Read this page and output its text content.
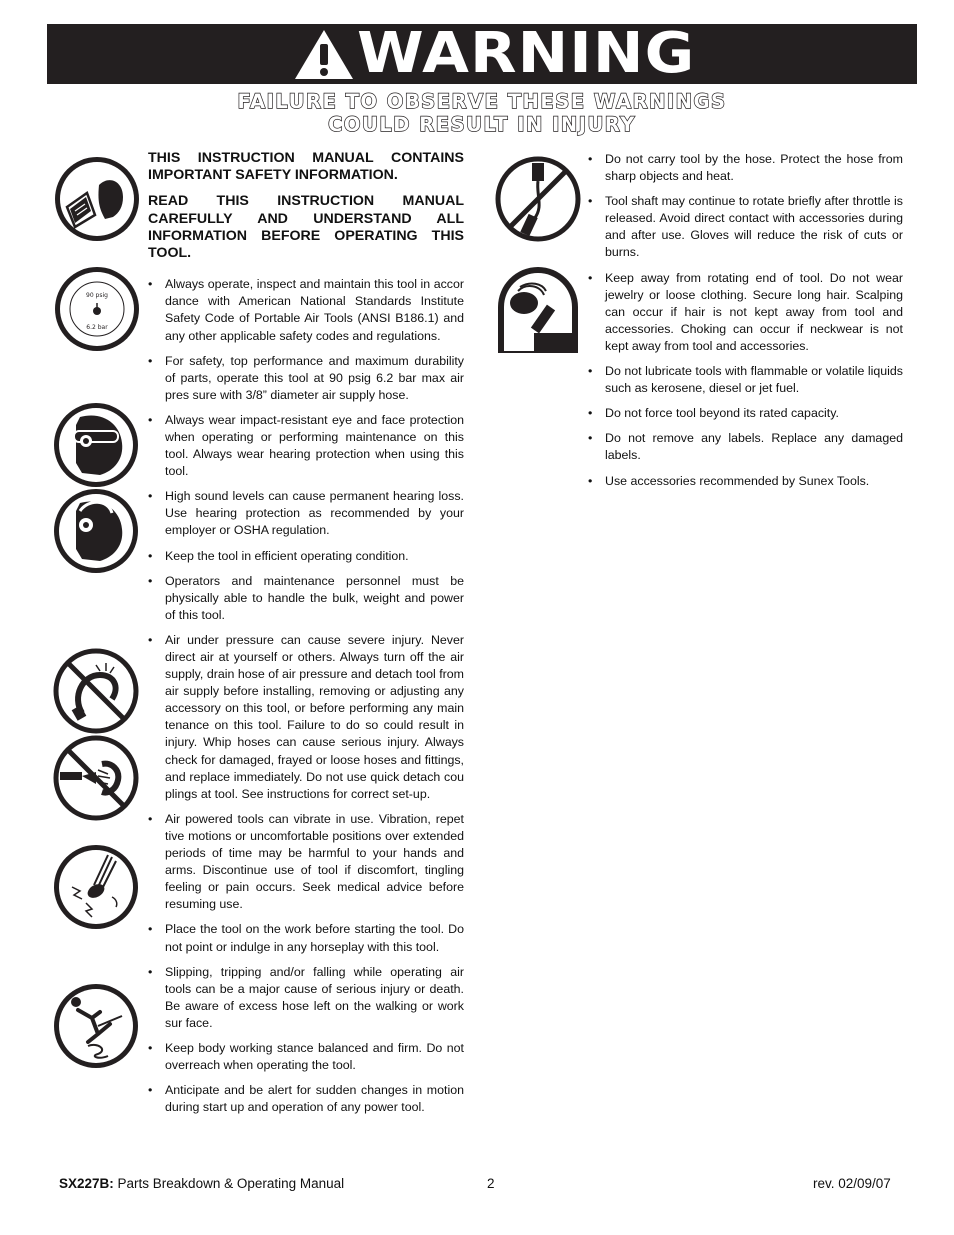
WARNING
FAILURE TO OBSERVE THESE WARNINGS
COULD RESULT IN INJURY
90 psig
6.2 bar

THIS INSTRUCTION MANUAL CONTAINS IMPORTANT SAFETY INFORMATION.

READ THIS INSTRUCTION MANUAL CAREFULLY AND UNDERSTAND ALL INFORMATION BEFORE OPERATING THIS TOOL.

• Always operate, inspect and maintain this tool in accor dance with American National Standards Institute Safety Code of Portable Air Tools (ANSI B186.1) and any other applicable safety codes and regulations.
• For safety, top performance and maximum durability of parts, operate this tool at 90 psig 6.2 bar max air pres sure with 3/8” diameter air supply hose.
• Always wear impact-resistant eye and face protection when operating or performing maintenance on this tool. Always wear hearing protection when using this tool.
• High sound levels can cause permanent hearing loss. Use hearing protection as recommended by your employer or OSHA regulation.
• Keep the tool in efficient operating condition.
• Operators and maintenance personnel must be physically able to handle the bulk, weight and power of this tool.
• Air under pressure can cause severe injury. Never direct air at yourself or others. Always turn off the air supply, drain hose of air pressure and detach tool from air supply before installing, removing or adjusting any accessory on this tool, or before performing any main tenance on this tool. Failure to do so could result in injury. Whip hoses can cause serious injury. Always check for damaged, frayed or loose hoses and fittings, and replace immediately. Do not use quick detach cou plings at tool. See instructions for correct set-up.
• Air powered tools can vibrate in use. Vibration, repet tive motions or uncomfortable positions over extended periods of time may be harmful to your hands and arms. Discontinue use of tool if discomfort, tingling feeling or pain occurs. Seek medical advice before resuming use.
• Place the tool on the work before starting the tool. Do not point or indulge in any horseplay with this tool.
• Slipping, tripping and/or falling while operating air tools can be a major cause of serious injury or death. Be aware of excess hose left on the walking or work sur face.
• Keep body working stance balanced and firm. Do not overreach when operating the tool.
• Anticipate and be alert for sudden changes in motion during start up and operation of any power tool.
• Do not carry tool by the hose. Protect the hose from sharp objects and heat.
• Tool shaft may continue to rotate briefly after throttle is released. Avoid direct contact with accessories during and after use. Gloves will reduce the risk of cuts or burns.
• Keep away from rotating end of tool. Do not wear jewelry or loose clothing. Secure long hair. Scalping can occur if hair is not kept away from tool and accessories. Choking can occur if neckwear is not kept away from tool and accessories.
• Do not lubricate tools with flammable or volatile liquids such as kerosene, diesel or jet fuel.
• Do not force tool beyond its rated capacity.
• Do not remove any labels. Replace any damaged labels.
• Use accessories recommended by Sunex Tools.
SX227B: Parts Breakdown & Operating Manual	2	rev. 02/09/07
